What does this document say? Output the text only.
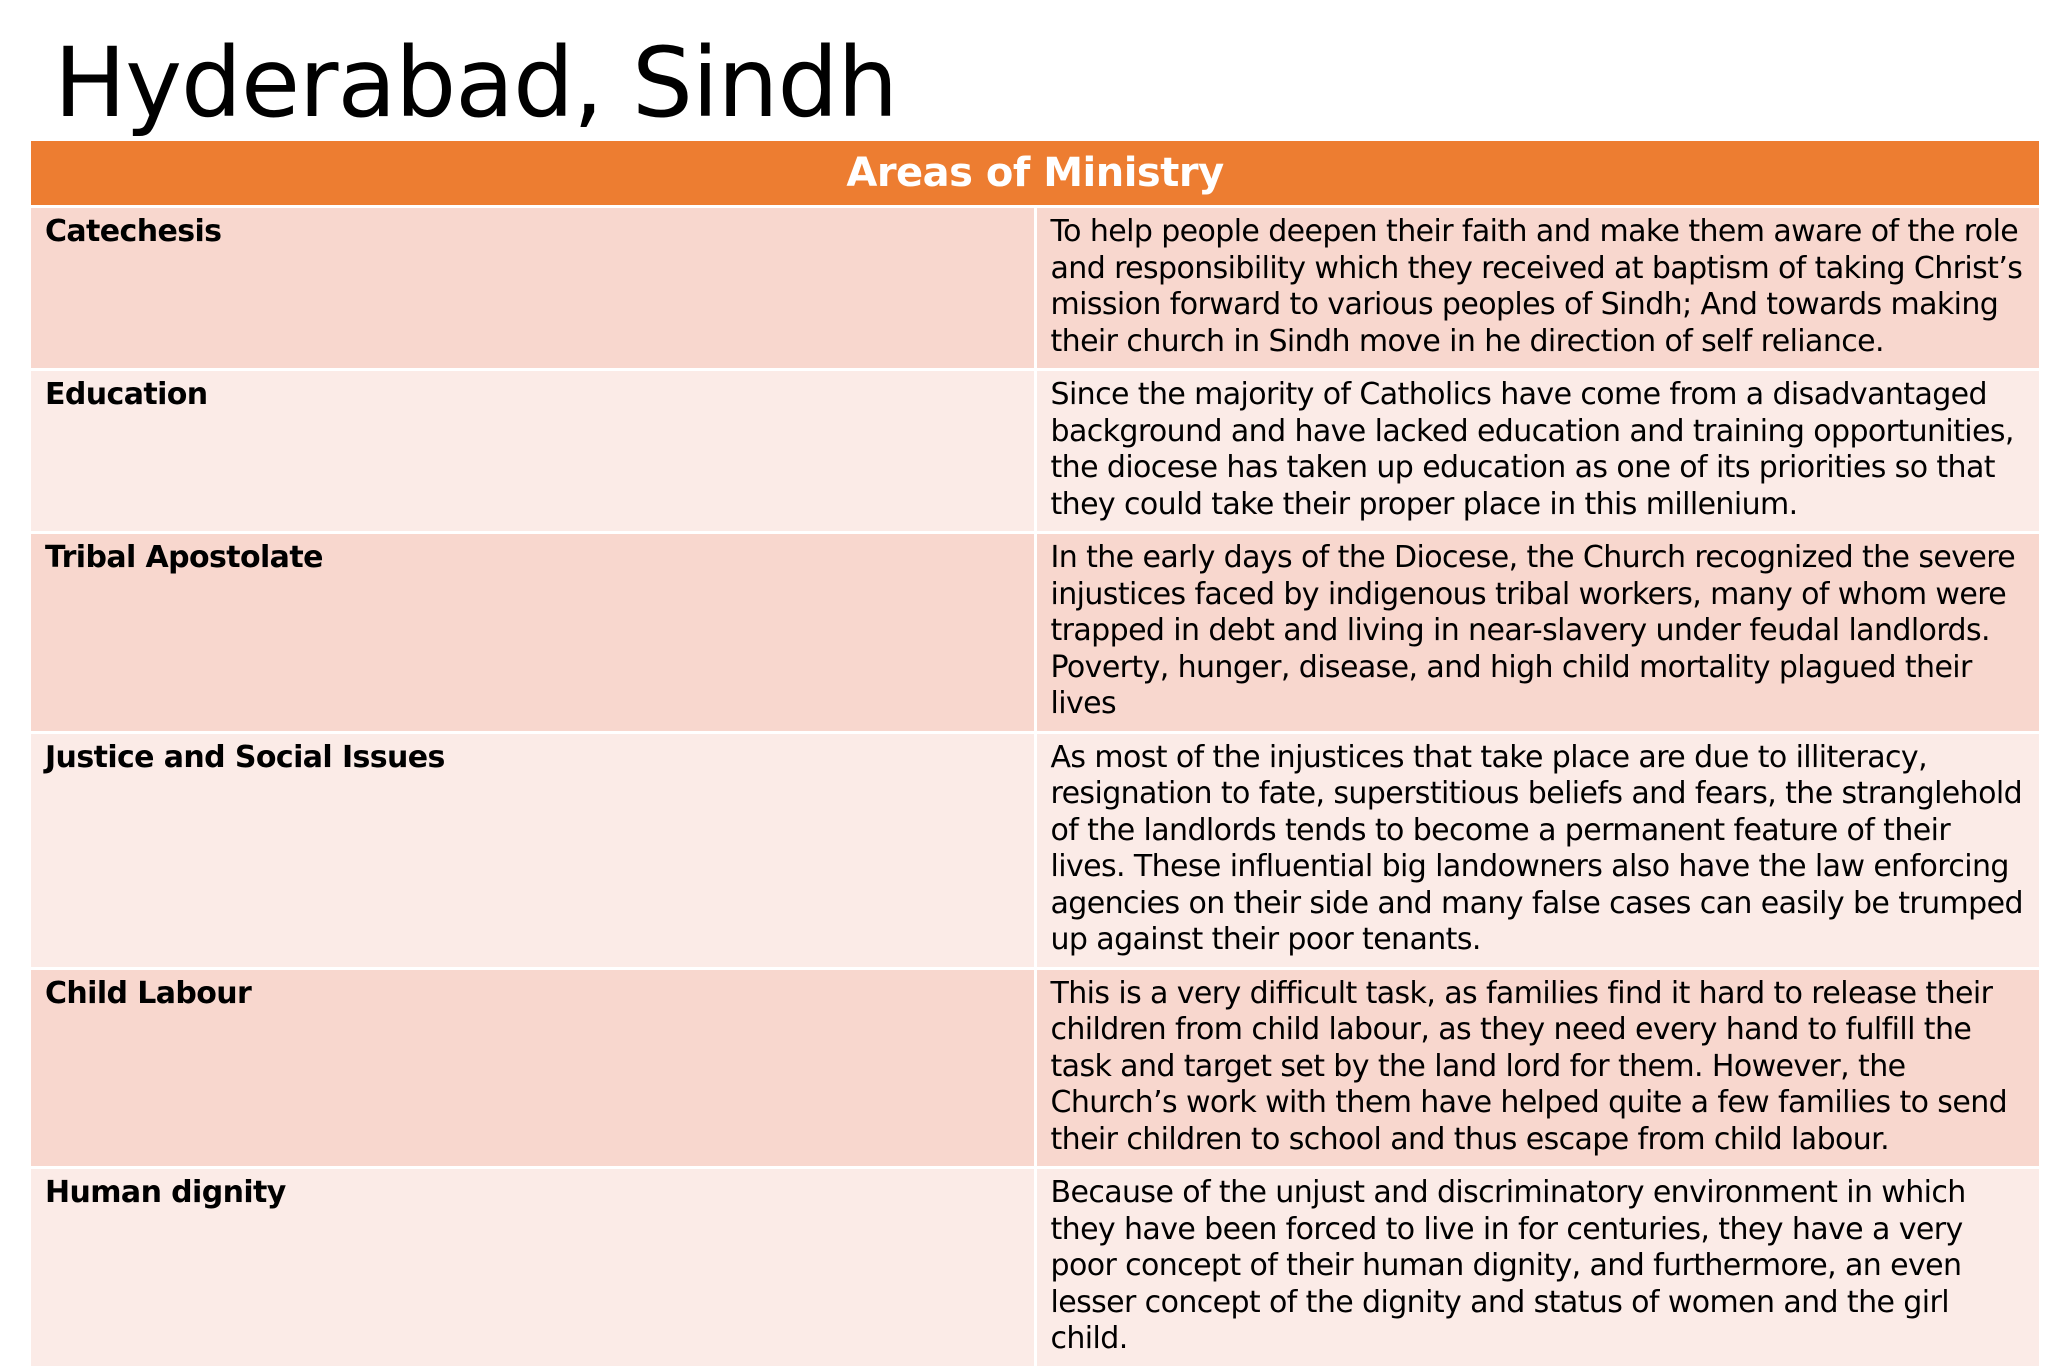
Hyderabad, Sindh
Areas of Ministry	
Catechesis	To help people deepen their faith and make them aware of the role and responsibility which they received at baptism of taking Christ’s mission forward to various peoples of Sindh; And towards making their church in Sindh move in he direction of self reliance.
Education	Since the majority of Catholics have come from a disadvantaged background and have lacked education and training opportunities, the diocese has taken up education as one of its priorities so that they could take their proper place in this millenium.
Tribal Apostolate	In the early days of the Diocese, the Church recognized the severe injustices faced by indigenous tribal workers, many of whom were trapped in debt and living in near-slavery under feudal landlords. Poverty, hunger, disease, and high child mortality plagued their lives
Justice and Social Issues	As most of the injustices that take place are due to illiteracy, resignation to fate, superstitious beliefs and fears, the stranglehold of the landlords tends to become a permanent feature of their lives. These influential big landowners also have the law enforcing agencies on their side and many false cases can easily be trumped up against their poor tenants.
Child Labour	This is a very difficult task, as families find it hard to release their children from child labour, as they need every hand to fulfill the task and target set by the land lord for them. However, the Church’s work with them have helped quite a few families to send their children to school and thus escape from child labour.
Human dignity	Because of the unjust and discriminatory environment in which they have been forced to live in for centuries, they have a very poor concept of their human dignity, and furthermore, an even lesser concept of the dignity and status of women and the girl child.
